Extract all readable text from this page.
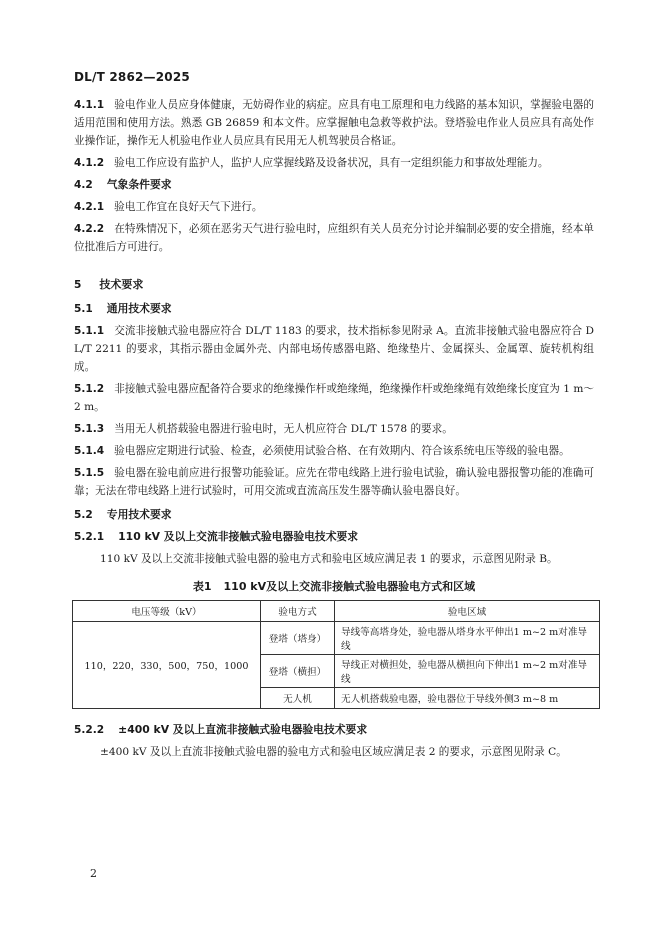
DL/T 2862—2025

4.1.1 验电作业人员应身体健康，无妨碍作业的病症。应具有电工原理和电力线路的基本知识，掌握验电器的适用范围和使用方法。熟悉 GB 26859 和本文件。应掌握触电急救等救护法。登塔验电作业人员应具有高处作业操作证，操作无人机验电作业人员应具有民用无人机驾驶员合格证。

4.1.2 验电工作应设有监护人，监护人应掌握线路及设备状况，具有一定组织能力和事故处理能力。

4.2 气象条件要求

4.2.1 验电工作宜在良好天气下进行。

4.2.2 在特殊情况下，必须在恶劣天气进行验电时，应组织有关人员充分讨论并编制必要的安全措施，经本单位批准后方可进行。

5 技术要求
5.1 通用技术要求

5.1.1 交流非接触式验电器应符合 DL/T 1183 的要求，技术指标参见附录 A。直流非接触式验电器应符合 DL/T 2211 的要求，其指示器由金属外壳、内部电场传感器电路、绝缘垫片、金属探头、金属罩、旋转机构组成。

5.1.2 非接触式验电器应配备符合要求的绝缘操作杆或绝缘绳，绝缘操作杆或绝缘绳有效绝缘长度宜为 1 m～2 m。

5.1.3 当用无人机搭载验电器进行验电时，无人机应符合 DL/T 1578 的要求。

5.1.4 验电器应定期进行试验、检查，必须使用试验合格、在有效期内、符合该系统电压等级的验电器。

5.1.5 验电器在验电前应进行报警功能验证。应先在带电线路上进行验电试验，确认验电器报警功能的准确可靠；无法在带电线路上进行试验时，可用交流或直流高压发生器等确认验电器良好。

5.2 专用技术要求
5.2.1 110 kV 及以上交流非接触式验电器验电技术要求

110 kV 及以上交流非接触式验电器的验电方式和验电区域应满足表 1 的要求，示意图见附录 B。

表1 110 kV及以上交流非接触式验电器验电方式和区域
电压等级（kV）	验电方式	验电区域
110，220，330，500，750，1000	登塔（塔身）	导线等高塔身处，验电器从塔身水平伸出1 m~2 m对准导线
	登塔（横担）	导线正对横担处，验电器从横担向下伸出1 m~2 m对准导线
	无人机	无人机搭载验电器，验电器位于导线外侧3 m~8 m
5.2.2 ±400 kV 及以上直流非接触式验电器验电技术要求

±400 kV 及以上直流非接触式验电器的验电方式和验电区域应满足表 2 的要求，示意图见附录 C。

2
